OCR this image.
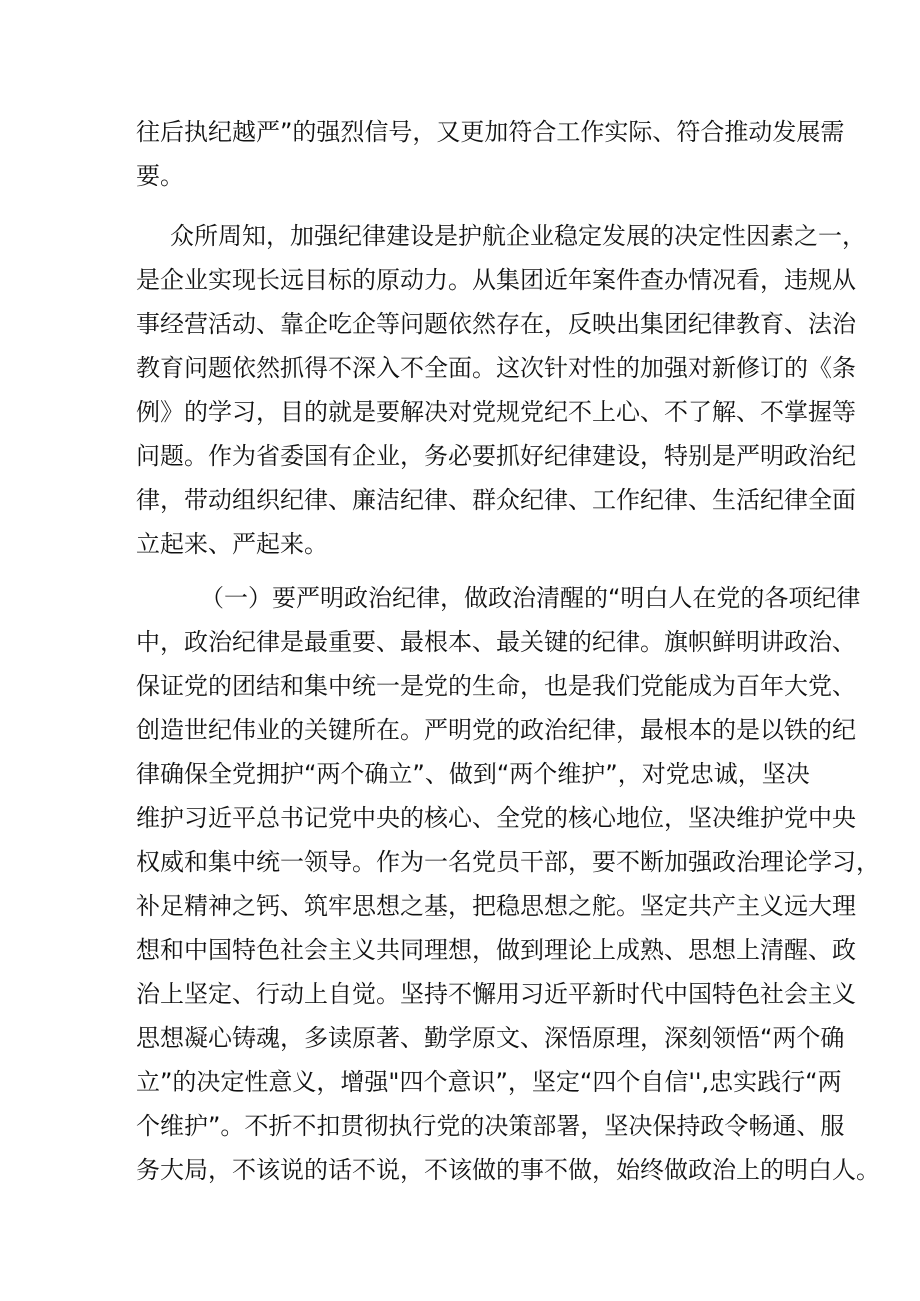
往后执纪越严”的强烈信号，又更加符合工作实际、符合推动发展需
要。
众所周知，加强纪律建设是护航企业稳定发展的决定性因素之一，
是企业实现长远目标的原动力。从集团近年案件查办情况看，违规从
事经营活动、靠企吃企等问题依然存在，反映出集团纪律教育、法治
教育问题依然抓得不深入不全面。这次针对性的加强对新修订的《条
例》的学习，目的就是要解决对党规党纪不上心、不了解、不掌握等
问题。作为省委国有企业，务必要抓好纪律建设，特别是严明政治纪
律，带动组织纪律、廉洁纪律、群众纪律、工作纪律、生活纪律全面
立起来、严起来。
（一）要严明政治纪律，做政治清醒的“明白人在党的各项纪律
中，政治纪律是最重要、最根本、最关键的纪律。旗帜鲜明讲政治、
保证党的团结和集中统一是党的生命，也是我们党能成为百年大党、
创造世纪伟业的关键所在。严明党的政治纪律，最根本的是以铁的纪
律确保全党拥护“两个确立”、做到“两个维护”，对党忠诚，坚决
维护习近平总书记党中央的核心、全党的核心地位，坚决维护党中央
权威和集中统一领导。作为一名党员干部，要不断加强政治理论学习，
补足精神之钙、筑牢思想之基，把稳思想之舵。坚定共产主义远大理
想和中国特色社会主义共同理想，做到理论上成熟、思想上清醒、政
治上坚定、行动上自觉。坚持不懈用习近平新时代中国特色社会主义
思想凝心铸魂，多读原著、勤学原文、深悟原理，深刻领悟“两个确
立”的决定性意义，增强"四个意识”，坚定“四个自信'',忠实践行“两
个维护”。不折不扣贯彻执行党的决策部署，坚决保持政令畅通、服
务大局，不该说的话不说，不该做的事不做，始终做政治上的明白人。
